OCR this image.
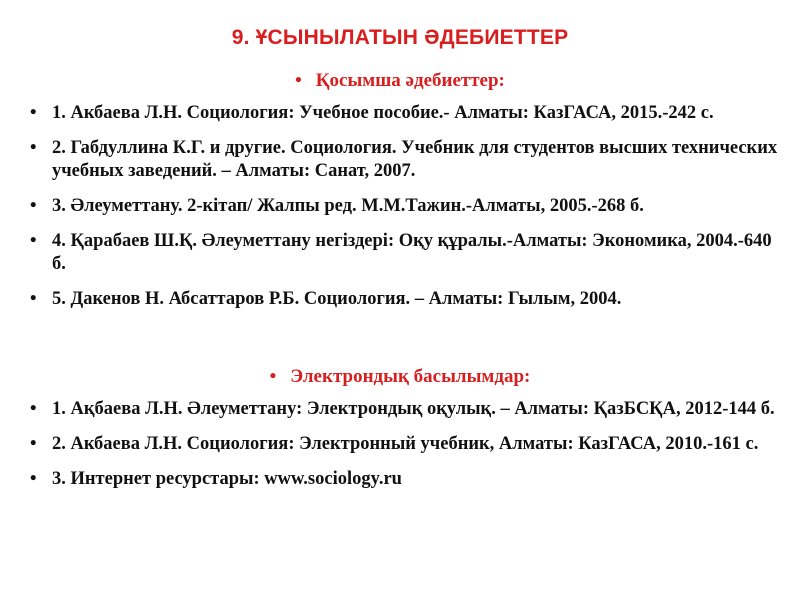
9. ҰСЫНЫЛАТЫН ӘДЕБИЕТТЕР
• Қосымша әдебиеттер:
• 1. Акбаева Л.Н. Социология: Учебное пособие.- Алматы: КазГАСА, 2015.-242 с.
• 2. Габдуллина К.Г. и другие. Социология. Учебник для студентов высших технических учебных заведений. – Алматы: Санат, 2007.
• 3. Әлеуметтану. 2-кітап/ Жалпы ред. М.М.Тажин.-Алматы, 2005.-268 б.
• 4. Қарабаев Ш.Қ. Әлеуметтану негіздері: Оқу құралы.-Алматы: Экономика, 2004.-640 б.
• 5. Дакенов Н. Абсаттаров Р.Б. Социология. – Алматы: Гылым, 2004.
• Электрондық басылымдар:
• 1. Ақбаева Л.Н. Әлеуметтану: Электрондық оқулық. – Алматы: ҚазБСҚА, 2012-144 б.
• 2. Акбаева Л.Н. Социология: Электронный учебник, Алматы: КазГАСА, 2010.-161 с.
• 3. Интернет ресурстары: www.sociology.ru
